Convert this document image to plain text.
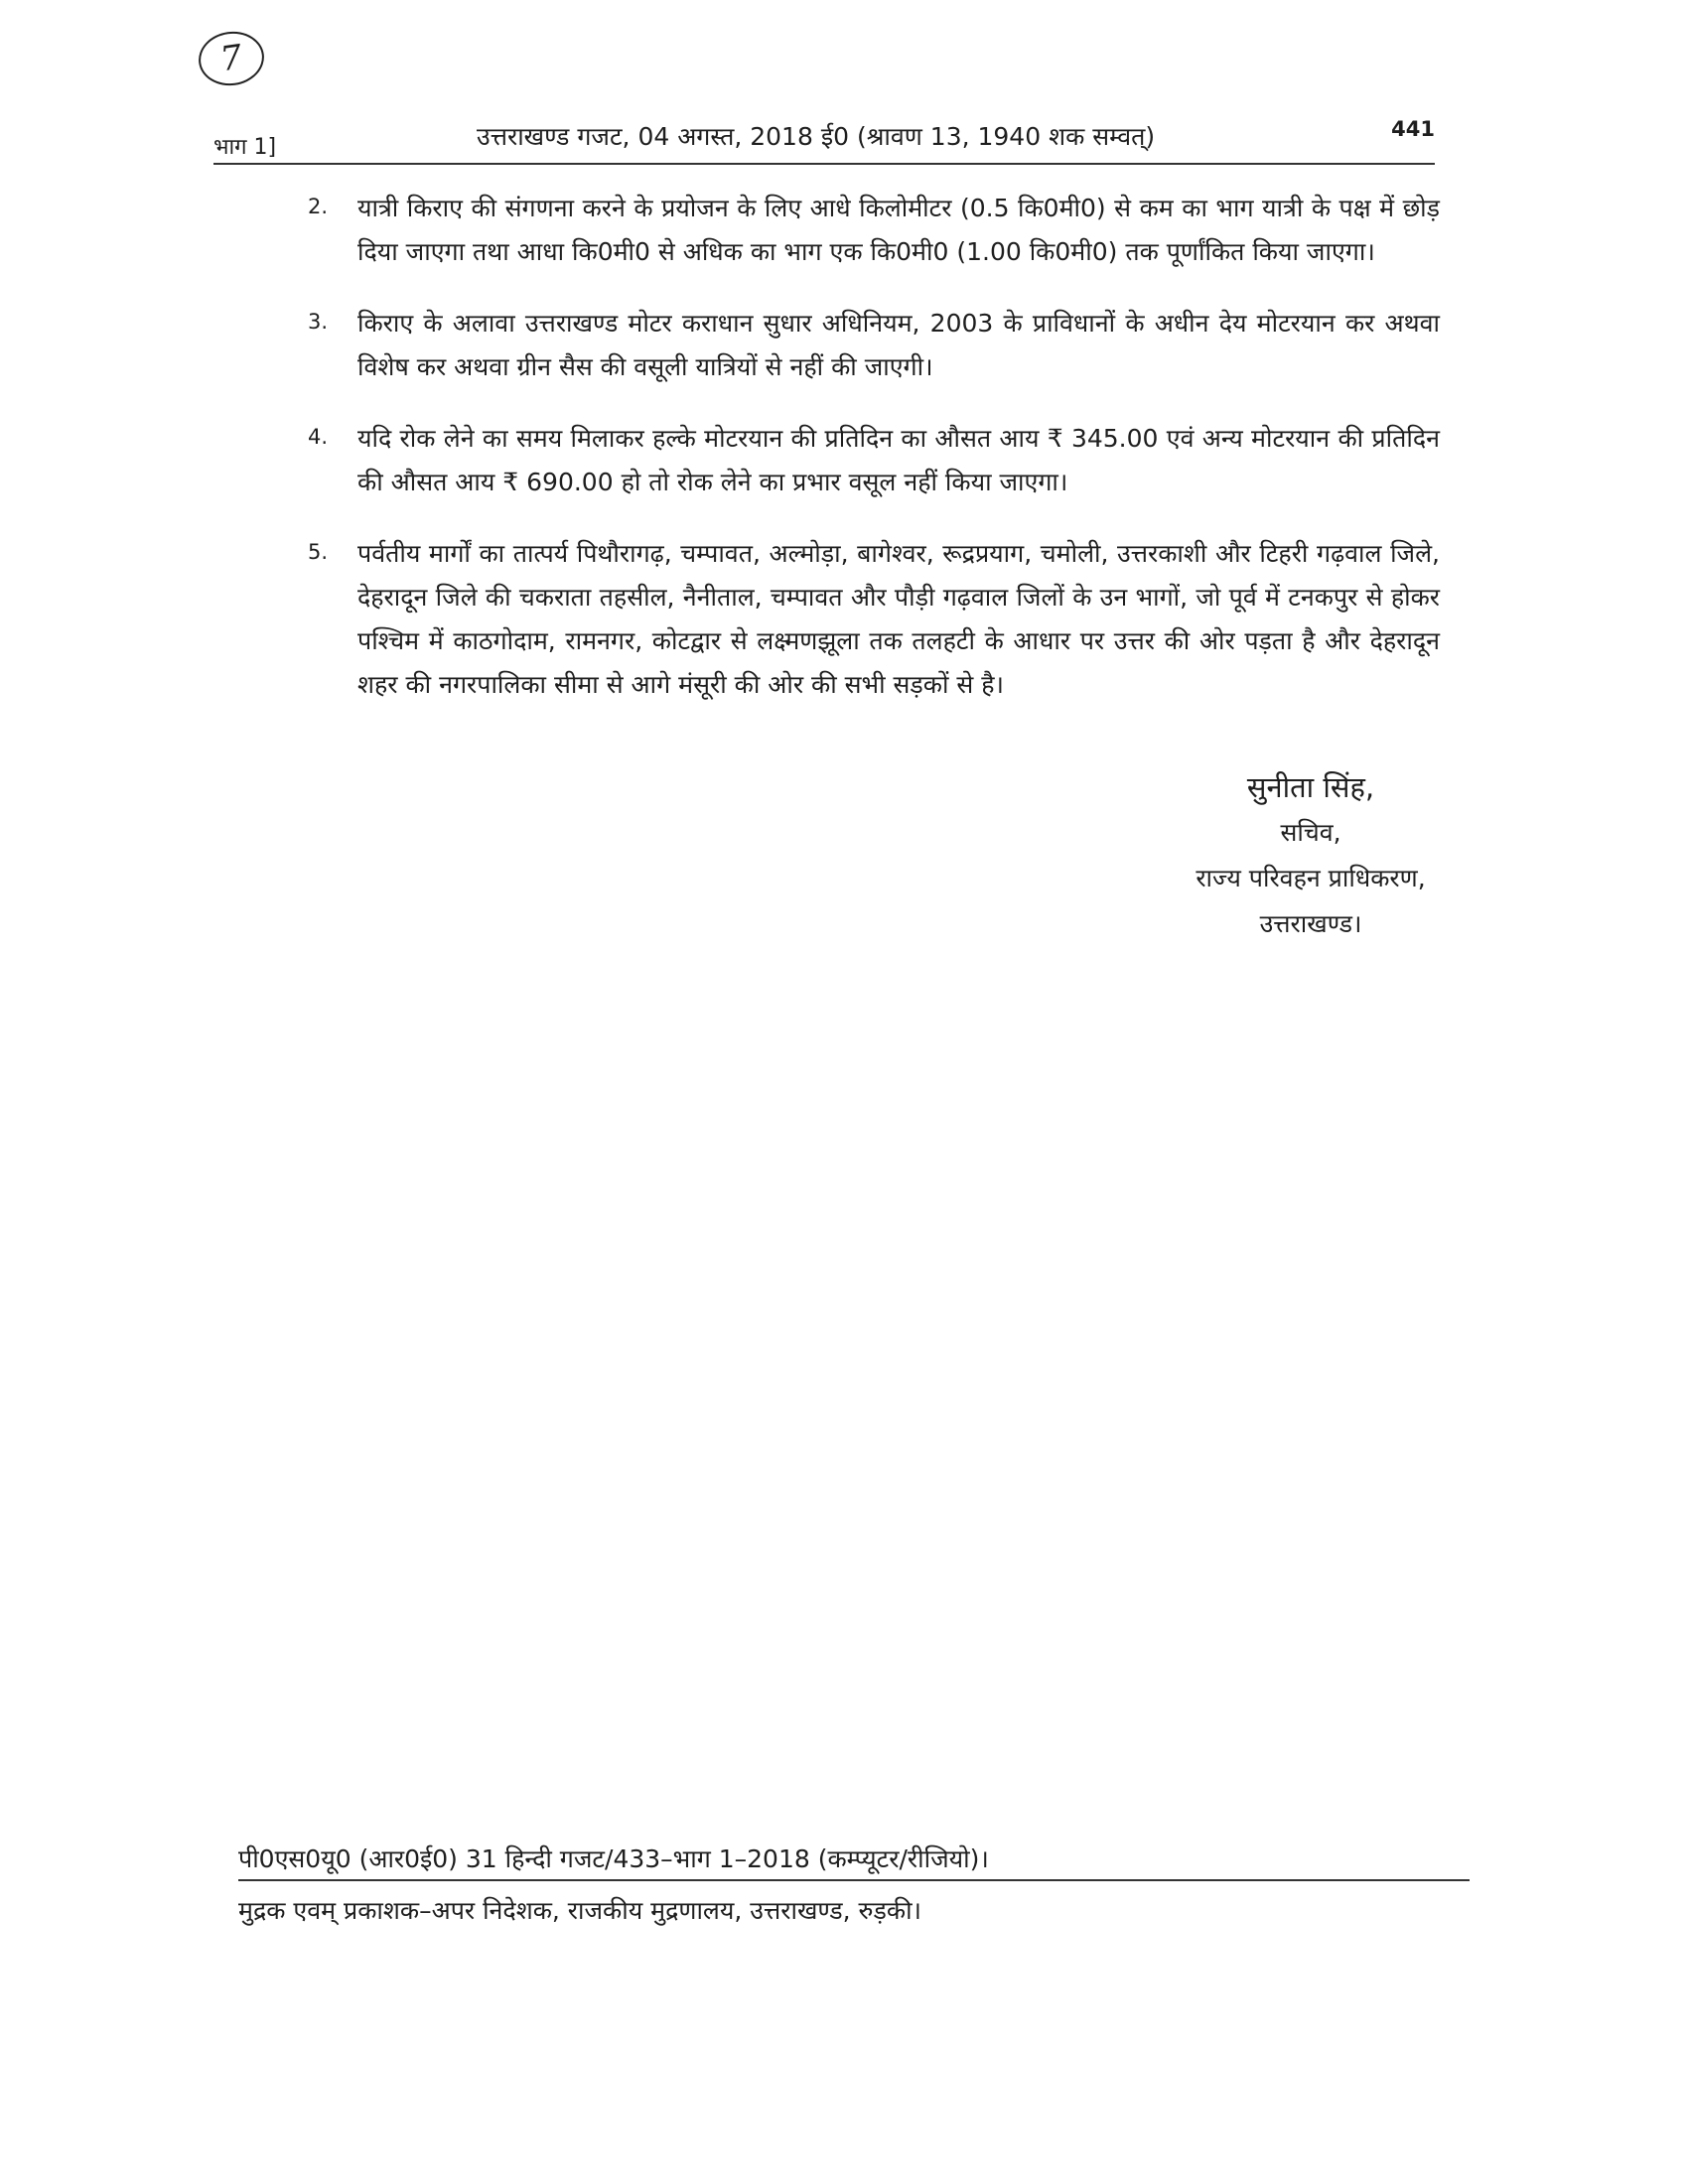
7
भाग 1]	उत्तराखण्ड गजट, 04 अगस्त, 2018 ई0 (श्रावण 13, 1940 शक सम्वत्)	441
2. यात्री किराए की संगणना करने के प्रयोजन के लिए आधे किलोमीटर (0.5 कि0मी0) से कम का भाग यात्री के पक्ष में छोड़ दिया जाएगा तथा आधा कि0मी0 से अधिक का भाग एक कि0मी0 (1.00 कि0मी0) तक पूर्णांकित किया जाएगा।
3. किराए के अलावा उत्तराखण्ड मोटर कराधान सुधार अधिनियम, 2003 के प्राविधानों के अधीन देय मोटरयान कर अथवा विशेष कर अथवा ग्रीन सैस की वसूली यात्रियों से नहीं की जाएगी।
4. यदि रोक लेने का समय मिलाकर हल्के मोटरयान की प्रतिदिन का औसत आय ₹ 345.00 एवं अन्य मोटरयान की प्रतिदिन की औसत आय ₹ 690.00 हो तो रोक लेने का प्रभार वसूल नहीं किया जाएगा।
5. पर्वतीय मार्गों का तात्पर्य पिथौरागढ़, चम्पावत, अल्मोड़ा, बागेश्वर, रूद्रप्रयाग, चमोली, उत्तरकाशी और टिहरी गढ़वाल जिले, देहरादून जिले की चकराता तहसील, नैनीताल, चम्पावत और पौड़ी गढ़वाल जिलों के उन भागों, जो पूर्व में टनकपुर से होकर पश्चिम में काठगोदाम, रामनगर, कोटद्वार से लक्ष्मणझूला तक तलहटी के आधार पर उत्तर की ओर पड़ता है और देहरादून शहर की नगरपालिका सीमा से आगे मंसूरी की ओर की सभी सड़कों से है।
सुनीता सिंह,
सचिव,
राज्य परिवहन प्राधिकरण,
उत्तराखण्ड।
पी0एस0यू0 (आर0ई0) 31 हिन्दी गजट/433–भाग 1–2018 (कम्प्यूटर/रीजियो)।
मुद्रक एवम् प्रकाशक–अपर निदेशक, राजकीय मुद्रणालय, उत्तराखण्ड, रुड़की।
